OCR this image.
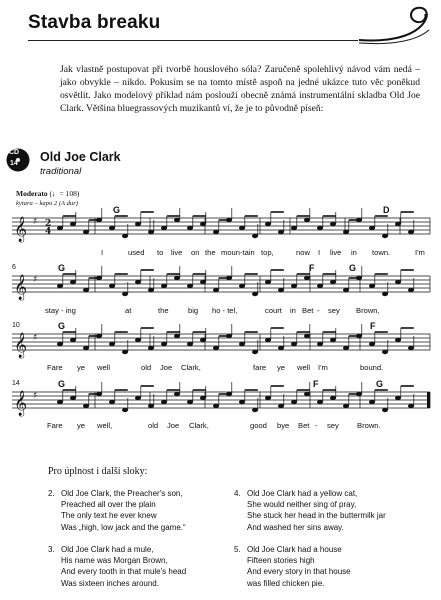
Stavba breaku
Jak vlastně postupovat při tvorbě houslového sóla? Zaručeně spolehlivý návod vám nedá – jako obvykle – nikdo. Pokusím se na tomto místě aspoň na jedné ukázce tuto věc poněkud osvětlit. Jako modelový příklad nám poslouží obecně známá instrumentální skladba Old Joe Clark. Většina bluegrassových muzikantů ví, že je to původně píseň:
CD
14 Old Joe Clark
traditional
Moderato (♩= 108)
kytara – kapo 2 (A dur)
𝄞 ♯ 2
4
𝄞 ♯
𝄞 ♯
𝄞 ♯
6
10
14
G	D
G	F	G
G	F
G	F	G
I	used to live on the moun-tain top,	now I live in town.	I'm
stay - ing	at	the	big ho - tel,	court in Bet - sey Brown,
Fare ye well	old Joe Clark,	fare ye well I'm	bound.
Fare ye well,	old Joe Clark,	good bye Bet - sey Brown.
Pro úplnost i další sloky:
2. Old Joe Clark, the Preacher's son,
Preached all over the plain
The only text he ever knew
Was „high, low jack and the game.“
4. Old Joe Clark had a yellow cat,
She would neither sing of pray,
She stuck her head in the buttermilk jar
And washed her sins away.
3. Old Joe Clark had a mule,
His name was Morgan Brown,
And every tooth in that mule's head
Was sixteen inches around.
5. Old Joe Clark had a house
Fifteen stories high
And every story in that house
was filled chicken pie.
